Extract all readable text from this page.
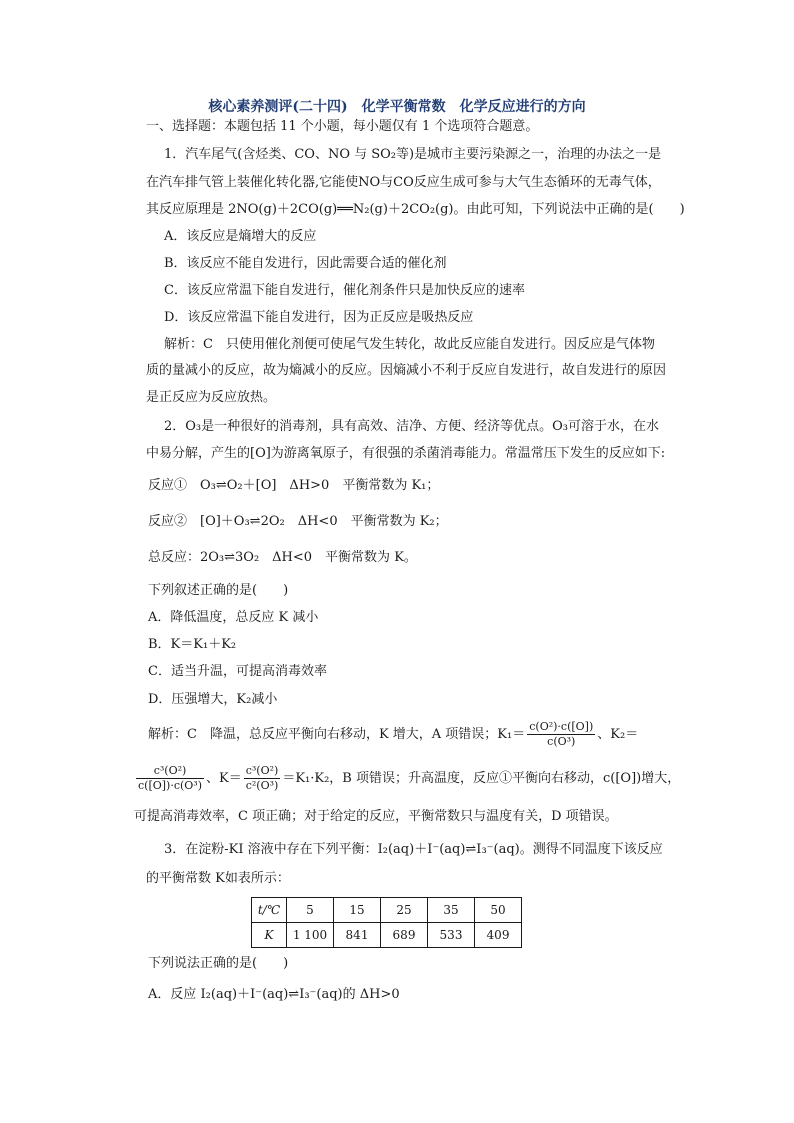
核心素养测评(二十四)　化学平衡常数　化学反应进行的方向
一、选择题：本题包括 11 个小题，每小题仅有 1 个选项符合题意。
1．汽车尾气(含烃类、CO、NO 与 SO₂等)是城市主要污染源之一，治理的办法之一是
在汽车排气管上装催化转化器,它能使NO与CO反应生成可参与大气生态循环的无毒气体，
其反应原理是 2NO(g)＋2CO(g)══N₂(g)＋2CO₂(g)。由此可知，下列说法中正确的是(　　)
A．该反应是熵增大的反应
B．该反应不能自发进行，因此需要合适的催化剂
C．该反应常温下能自发进行，催化剂条件只是加快反应的速率
D．该反应常温下能自发进行，因为正反应是吸热反应
解析：C　只使用催化剂便可使尾气发生转化，故此反应能自发进行。因反应是气体物
质的量减小的反应，故为熵减小的反应。因熵减小不利于反应自发进行，故自发进行的原因
是正反应为反应放热。
2．O₃是一种很好的消毒剂，具有高效、洁净、方便、经济等优点。O₃可溶于水，在水
中易分解，产生的[O]为游离氧原子，有很强的杀菌消毒能力。常温常压下发生的反应如下:
反应①　O₃⇌O₂＋[O]　ΔH>0　平衡常数为 K₁；
反应②　[O]＋O₃⇌2O₂　ΔH<0　平衡常数为 K₂；
总反应：2O₃⇌3O₂　ΔH<0　平衡常数为 K。
下列叙述正确的是(　　)
A．降低温度，总反应 K 减小
B．K＝K₁＋K₂
C．适当升温，可提高消毒效率
D．压强增大，K₂减小
解析：C　降温，总反应平衡向右移动，K 增大，A 项错误；$K_1= \frac{\text{c(O²)·c([O])}}{\text{c(O³)}}$ 、K₂＝
$\frac{\text{c³(O²)}}{\text{c([O])·c(O³)}}$ 、$K= \frac{\text{c³(O²)}}{\text{c²(O³)}} =K_1\cdot K_2$，B 项错误；升高温度，反应①平衡向右移动，c([O])增大，
可提高消毒效率，C 项正确；对于给定的反应，平衡常数只与温度有关，D 项错误。
3．在淀粉-KI 溶液中存在下列平衡：I₂(aq)＋I⁻(aq)⇌I₃⁻(aq)。测得不同温度下该反应
的平衡常数 K如表所示：
t/℃	5	15	25	35	50
K	1 100	841	689	533	409
下列说法正确的是(　　)
A．反应 I₂(aq)＋I⁻(aq)⇌I₃⁻(aq)的 ΔH>0
